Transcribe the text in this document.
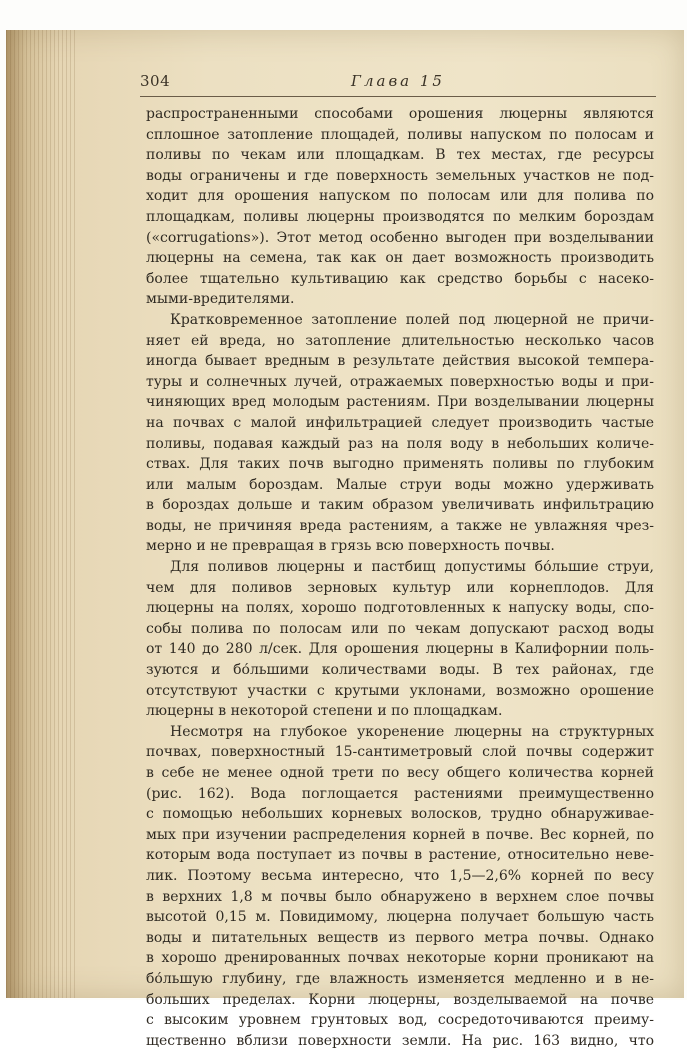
304	Глава 15
распространенными способами орошения люцерны являются
сплошное затопление площадей, поливы напуском по полосам и
поливы по чекам или площадкам. В тех местах, где ресурсы
воды ограничены и где поверхность земельных участков не под-
ходит для орошения напуском по полосам или для полива по
площадкам, поливы люцерны производятся по мелким бороздам
(«corrugations»). Этот метод особенно выгоден при возделывании
люцерны на семена, так как он дает возможность производить
более тщательно культивацию как средство борьбы с насеко-
мыми-вредителями.
Кратковременное затопление полей под люцерной не причи-
няет ей вреда, но затопление длительностью несколько часов
иногда бывает вредным в результате действия высокой темпера-
туры и солнечных лучей, отражаемых поверхностью воды и при-
чиняющих вред молодым растениям. При возделывании люцерны
на почвах с малой инфильтрацией следует производить частые
поливы, подавая каждый раз на поля воду в небольших количе-
ствах. Для таких почв выгодно применять поливы по глубоким
или малым бороздам. Малые струи воды можно удерживать
в бороздах дольше и таким образом увеличивать инфильтрацию
воды, не причиняя вреда растениям, а также не увлажняя чрез-
мерно и не превращая в грязь всю поверхность почвы.
Для поливов люцерны и пастбищ допустимы бо́льшие струи,
чем для поливов зерновых культур или корнеплодов. Для
люцерны на полях, хорошо подготовленных к напуску воды, спо-
собы полива по полосам или по чекам допускают расход воды
от 140 до 280 л/сек. Для орошения люцерны в Калифорнии поль-
зуются и бо́льшими количествами воды. В тех районах, где
отсутствуют участки с крутыми уклонами, возможно орошение
люцерны в некоторой степени и по площадкам.
Несмотря на глубокое укоренение люцерны на структурных
почвах, поверхностный 15-сантиметровый слой почвы содержит
в себе не менее одной трети по весу общего количества корней
(рис. 162). Вода поглощается растениями преимущественно
с помощью небольших корневых волосков, трудно обнаруживае-
мых при изучении распределения корней в почве. Вес корней, по
которым вода поступает из почвы в растение, относительно неве-
лик. Поэтому весьма интересно, что 1,5—2,6% корней по весу
в верхних 1,8 м почвы было обнаружено в верхнем слое почвы
высотой 0,15 м. Повидимому, люцерна получает большую часть
воды и питательных веществ из первого метра почвы. Однако
в хорошо дренированных почвах некоторые корни проникают на
бо́льшую глубину, где влажность изменяется медленно и в не-
больших пределах. Корни люцерны, возделываемой на почве
с высоким уровнем грунтовых вод, сосредоточиваются преиму-
щественно вблизи поверхности земли. На рис. 163 видно, что
